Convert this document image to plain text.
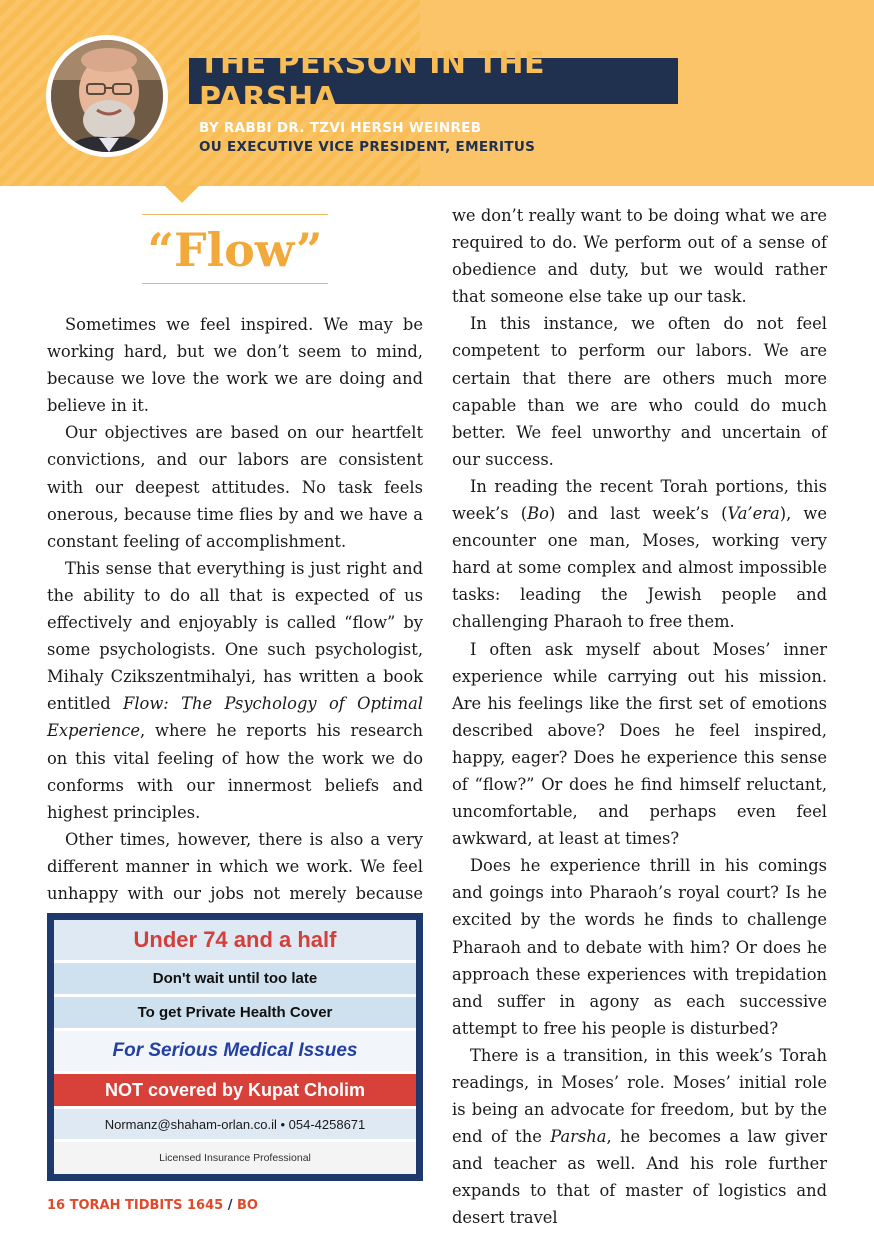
THE PERSON IN THE PARSHA
BY RABBI DR. TZVI HERSH WEINREB
OU EXECUTIVE VICE PRESIDENT, EMERITUS
“Flow”

Sometimes we feel inspired. We may be working hard, but we don’t seem to mind, because we love the work we are doing and believe in it.

Our objectives are based on our heartfelt convictions, and our labors are consistent with our deepest attitudes. No task feels onerous, because time flies by and we have a constant feeling of accomplishment.

This sense that everything is just right and the ability to do all that is expected of us effectively and enjoyably is called “flow” by some psychologists. One such psychologist, Mihaly Czikszentmihalyi, has written a book entitled Flow: The Psychology of Optimal Experience, where he reports his research on this vital feeling of how the work we do conforms with our innermost beliefs and highest principles.

Other times, however, there is also a very different manner in which we work. We feel unhappy with our jobs not merely because

we don’t really want to be doing what we are required to do. We perform out of a sense of obedience and duty, but we would rather that someone else take up our task.

In this instance, we often do not feel competent to perform our labors. We are certain that there are others much more capable than we are who could do much better. We feel unworthy and uncertain of our success.

In reading the recent Torah portions, this week’s (Bo) and last week’s (Va’era), we encounter one man, Moses, working very hard at some complex and almost impossible tasks: leading the Jewish people and challenging Pharaoh to free them.

I often ask myself about Moses’ inner experience while carrying out his mission. Are his feelings like the first set of emotions described above? Does he feel inspired, happy, eager? Does he experience this sense of “flow?” Or does he find himself reluctant, uncomfortable, and perhaps even feel awkward, at least at times?

Does he experience thrill in his comings and goings into Pharaoh’s royal court? Is he excited by the words he finds to challenge Pharaoh and to debate with him? Or does he approach these experiences with trepidation and suffer in agony as each successive attempt to free his people is disturbed?

There is a transition, in this week’s Torah readings, in Moses’ role. Moses’ initial role is being an advocate for freedom, but by the end of the Parsha, he becomes a law giver and teacher as well. And his role further expands to that of master of logistics and desert travel

Under 74 and a half
Don't wait until too late
To get Private Health Cover
For Serious Medical Issues
NOT covered by Kupat Cholim
Normanz@shaham-orlan.co.il • 054-4258671
Licensed Insurance Professional
16 TORAH TIDBITS 1645 / BO
